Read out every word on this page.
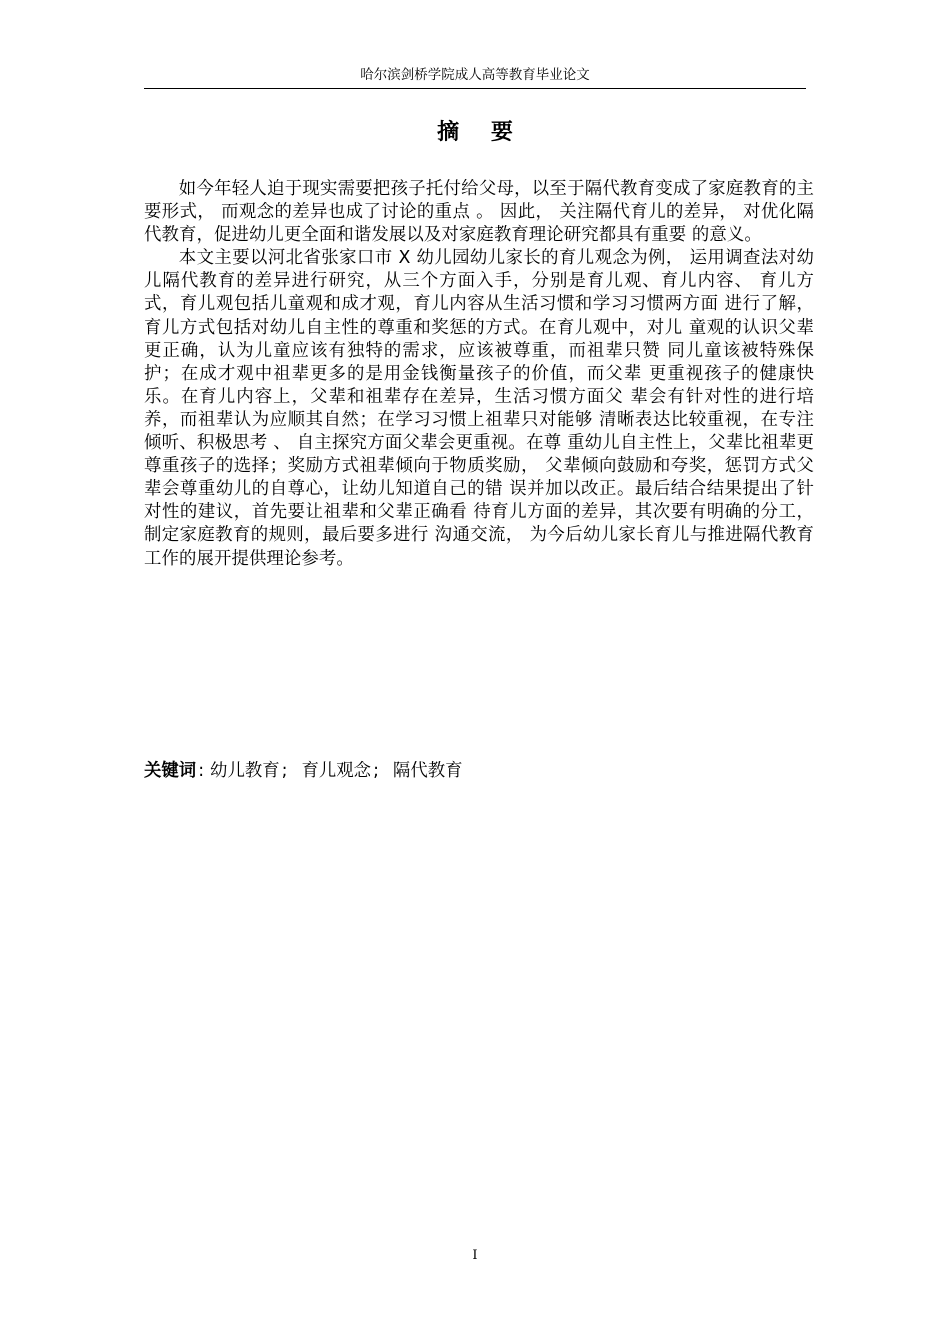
哈尔滨剑桥学院成人高等教育毕业论文
摘 要

如今年轻人迫于现实需要把孩子托付给父母，以至于隔代教育变成了家庭教育的主要形式， 而观念的差异也成了讨论的重点 。 因此， 关注隔代育儿的差异， 对优化隔代教育，促进幼儿更全面和谐发展以及对家庭教育理论研究都具有重要 的意义。

本文主要以河北省张家口市 X 幼儿园幼儿家长的育儿观念为例， 运用调查法对幼儿隔代教育的差异进行研究，从三个方面入手，分别是育儿观、育儿内容、 育儿方式，育儿观包括儿童观和成才观，育儿内容从生活习惯和学习习惯两方面 进行了解，育儿方式包括对幼儿自主性的尊重和奖惩的方式。在育儿观中，对儿 童观的认识父辈更正确，认为儿童应该有独特的需求，应该被尊重，而祖辈只赞 同儿童该被特殊保护；在成才观中祖辈更多的是用金钱衡量孩子的价值，而父辈 更重视孩子的健康快乐。在育儿内容上，父辈和祖辈存在差异，生活习惯方面父 辈会有针对性的进行培养，而祖辈认为应顺其自然；在学习习惯上祖辈只对能够 清晰表达比较重视，在专注倾听、积极思考 、 自主探究方面父辈会更重视。在尊 重幼儿自主性上，父辈比祖辈更尊重孩子的选择；奖励方式祖辈倾向于物质奖励， 父辈倾向鼓励和夸奖，惩罚方式父辈会尊重幼儿的自尊心，让幼儿知道自己的错 误并加以改正。最后结合结果提出了针对性的建议，首先要让祖辈和父辈正确看 待育儿方面的差异，其次要有明确的分工，制定家庭教育的规则，最后要多进行 沟通交流， 为今后幼儿家长育儿与推进隔代教育工作的展开提供理论参考。

关键词 : 幼儿教育 ; 育儿观念 ; 隔代教育
I
